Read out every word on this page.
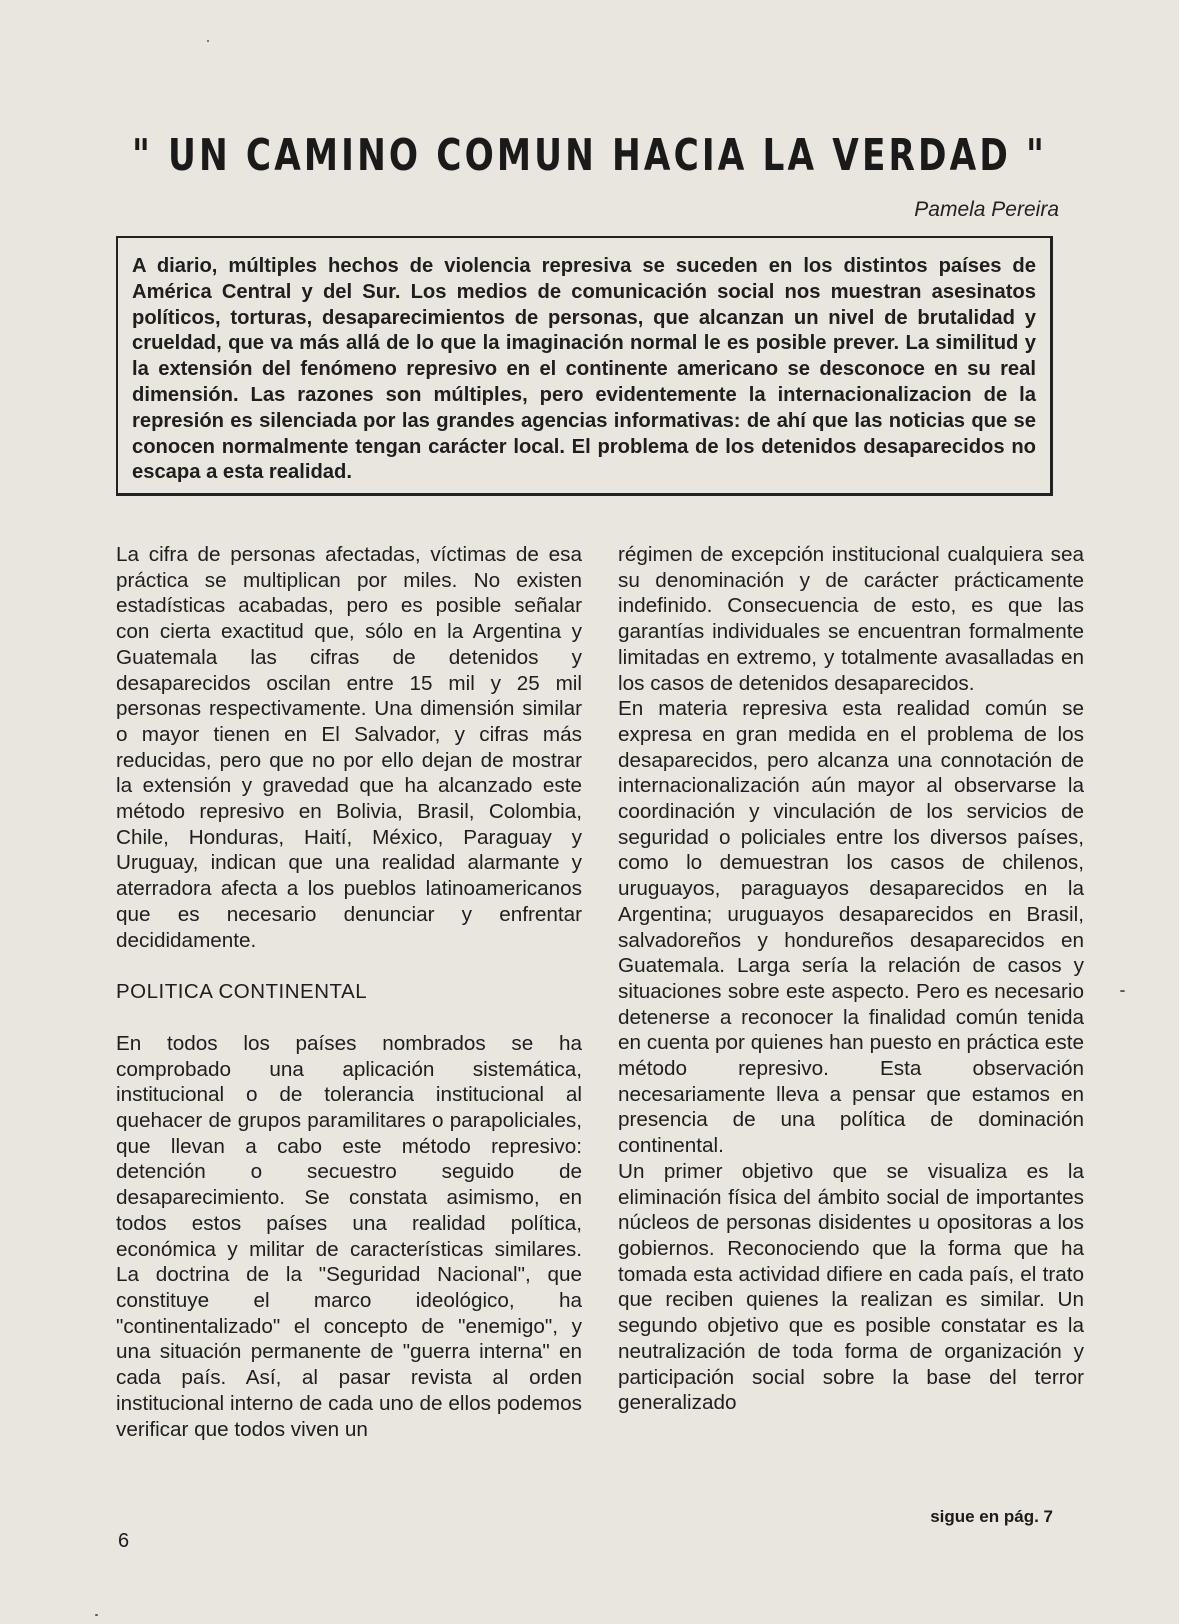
" UN CAMINO COMUN HACIA LA VERDAD "
Pamela Pereira
A diario, múltiples hechos de violencia represiva se suceden en los distintos países de América Central y del Sur. Los medios de comunicación social nos muestran asesinatos políticos, torturas, desaparecimientos de personas, que alcanzan un nivel de brutalidad y crueldad, que va más allá de lo que la imaginación normal le es posible prever. La similitud y la extensión del fenómeno represivo en el continente americano se desconoce en su real dimensión. Las razones son múltiples, pero evidentemente la internacionalizacion de la represión es silenciada por las grandes agencias informativas: de ahí que las noticias que se conocen normalmente tengan carácter local. El problema de los detenidos desaparecidos no escapa a esta realidad.

La cifra de personas afectadas, víctimas de esa práctica se multiplican por miles. No existen estadísticas acabadas, pero es posible señalar con cierta exactitud que, sólo en la Argentina y Guatemala las cifras de detenidos y desaparecidos oscilan entre 15 mil y 25 mil personas respectivamente. Una dimensión similar o mayor tienen en El Salvador, y cifras más reducidas, pero que no por ello dejan de mostrar la extensión y gravedad que ha alcanzado este método represivo en Bolivia, Brasil, Colombia, Chile, Honduras, Haití, México, Paraguay y Uruguay, indican que una realidad alarmante y aterradora afecta a los pueblos latinoamericanos que es necesario denunciar y enfrentar decididamente.

POLITICA CONTINENTAL

En todos los países nombrados se ha comprobado una aplicación sistemática, institucional o de tolerancia institucional al quehacer de grupos paramilitares o parapoliciales, que llevan a cabo este método represivo: detención o secuestro seguido de desaparecimiento. Se constata asimismo, en todos estos países una realidad política, económica y militar de características similares. La doctrina de la "Seguridad Nacional", que constituye el marco ideológico, ha "continentalizado" el concepto de "enemigo", y una situación permanente de "guerra interna" en cada país. Así, al pasar revista al orden institucional interno de cada uno de ellos podemos verificar que todos viven un

régimen de excepción institucional cualquiera sea su denominación y de carácter prácticamente indefinido. Consecuencia de esto, es que las garantías individuales se encuentran formalmente limitadas en extremo, y totalmente avasalladas en los casos de detenidos desaparecidos.

En materia represiva esta realidad común se expresa en gran medida en el problema de los desaparecidos, pero alcanza una connotación de internacionalización aún mayor al observarse la coordinación y vinculación de los servicios de seguridad o policiales entre los diversos países, como lo demuestran los casos de chilenos, uruguayos, paraguayos desaparecidos en la Argentina; uruguayos desaparecidos en Brasil, salvadoreños y hondureños desaparecidos en Guatemala. Larga sería la relación de casos y situaciones sobre este aspecto. Pero es necesario detenerse a reconocer la finalidad común tenida en cuenta por quienes han puesto en práctica este método represivo. Esta observación necesariamente lleva a pensar que estamos en presencia de una política de dominación continental.

Un primer objetivo que se visualiza es la eliminación física del ámbito social de importantes núcleos de personas disidentes u opositoras a los gobiernos. Reconociendo que la forma que ha tomada esta actividad difiere en cada país, el trato que reciben quienes la realizan es similar. Un segundo objetivo que es posible constatar es la neutralización de toda forma de organización y participación social sobre la base del terror generalizado

sigue en pág. 7
6
